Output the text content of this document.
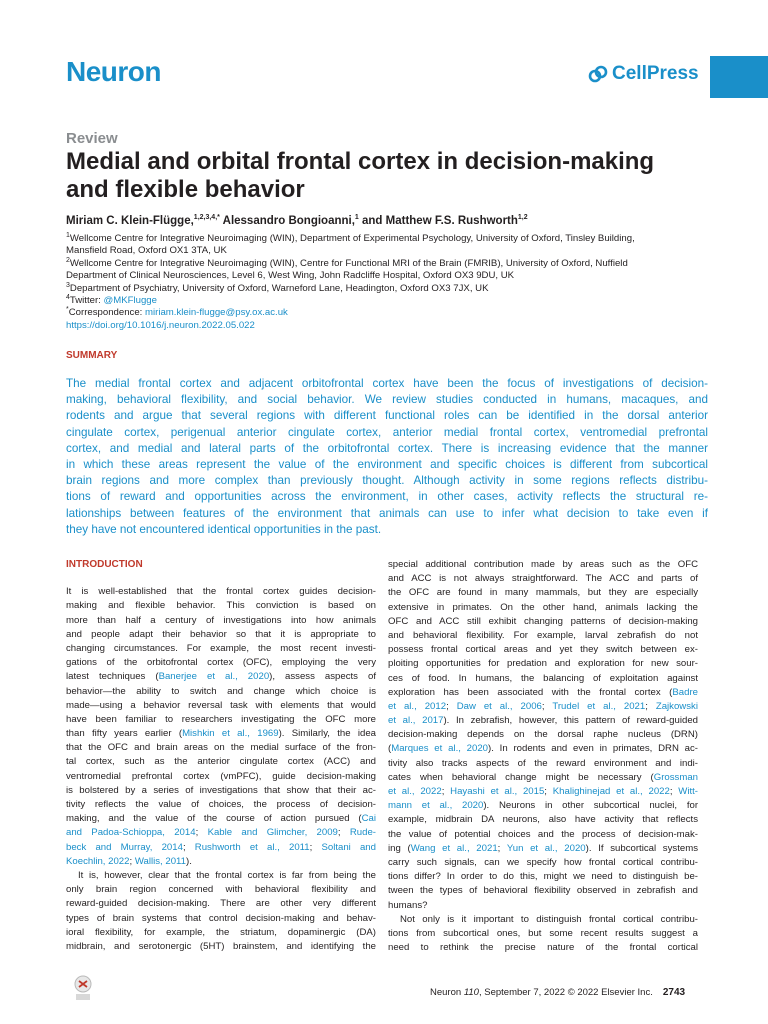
Neuron	CellPress
Review
Medial and orbital frontal cortex in decision-making and flexible behavior
Miriam C. Klein-Flügge,$^{1,2,3,4,*}$ Alessandro Bongioanni,$^1$ and Matthew F.S. Rushworth$^{1,2}$
$^1$Wellcome Centre for Integrative Neuroimaging (WIN), Department of Experimental Psychology, University of Oxford, Tinsley Building,
Mansfield Road, Oxford OX1 3TA, UK
$^2$Wellcome Centre for Integrative Neuroimaging (WIN), Centre for Functional MRI of the Brain (FMRIB), University of Oxford, Nuffield
Department of Clinical Neurosciences, Level 6, West Wing, John Radcliffe Hospital, Oxford OX3 9DU, UK
$^3$Department of Psychiatry, University of Oxford, Warneford Lane, Headington, Oxford OX3 7JX, UK
$^4$Twitter: @MKFlugge
*Correspondence: miriam.klein-flugge@psy.ox.ac.uk
https://doi.org/10.1016/j.neuron.2022.05.022
SUMMARY

The medial frontal cortex and adjacent orbitofrontal cortex have been the focus of investigations of decision-
making, behavioral flexibility, and social behavior. We review studies conducted in humans, macaques, and
rodents and argue that several regions with different functional roles can be identified in the dorsal anterior
cingulate cortex, perigenual anterior cingulate cortex, anterior medial frontal cortex, ventromedial prefrontal
cortex, and medial and lateral parts of the orbitofrontal cortex. There is increasing evidence that the manner
in which these areas represent the value of the environment and specific choices is different from subcortical
brain regions and more complex than previously thought. Although activity in some regions reflects distribu-
tions of reward and opportunities across the environment, in other cases, activity reflects the structural re-
lationships between features of the environment that animals can use to infer what decision to take even if
they have not encountered identical opportunities in the past.

INTRODUCTION
It is well-established that the frontal cortex guides decision-
making and flexible behavior. This conviction is based on
more than half a century of investigations into how animals
and people adapt their behavior so that it is appropriate to
changing circumstances. For example, the most recent investi-
gations of the orbitofrontal cortex (OFC), employing the very
latest techniques (Banerjee et al., 2020), assess aspects of
behavior—the ability to switch and change which choice is
made—using a behavior reversal task with elements that would
have been familiar to researchers investigating the OFC more
than fifty years earlier (Mishkin et al., 1969). Similarly, the idea
that the OFC and brain areas on the medial surface of the fron-
tal cortex, such as the anterior cingulate cortex (ACC) and
ventromedial prefrontal cortex (vmPFC), guide decision-making
is bolstered by a series of investigations that show that their ac-
tivity reflects the value of choices, the process of decision-
making, and the value of the course of action pursued (Cai
and Padoa-Schioppa, 2014; Kable and Glimcher, 2009; Rude-
beck and Murray, 2014; Rushworth et al., 2011; Soltani and
Koechlin, 2022; Wallis, 2011).
It is, however, clear that the frontal cortex is far from being the
only brain region concerned with behavioral flexibility and
reward-guided decision-making. There are other very different
types of brain systems that control decision-making and behav-
ioral flexibility, for example, the striatum, dopaminergic (DA)
midbrain, and serotonergic (5HT) brainstem, and identifying the
special additional contribution made by areas such as the OFC
and ACC is not always straightforward. The ACC and parts of
the OFC are found in many mammals, but they are especially
extensive in primates. On the other hand, animals lacking the
OFC and ACC still exhibit changing patterns of decision-making
and behavioral flexibility. For example, larval zebrafish do not
possess frontal cortical areas and yet they switch between ex-
ploiting opportunities for predation and exploration for new sour-
ces of food. In humans, the balancing of exploitation against
exploration has been associated with the frontal cortex (Badre
et al., 2012; Daw et al., 2006; Trudel et al., 2021; Zajkowski
et al., 2017). In zebrafish, however, this pattern of reward-guided
decision-making depends on the dorsal raphe nucleus (DRN)
(Marques et al., 2020). In rodents and even in primates, DRN ac-
tivity also tracks aspects of the reward environment and indi-
cates when behavioral change might be necessary (Grossman
et al., 2022; Hayashi et al., 2015; Khalighinejad et al., 2022; Witt-
mann et al., 2020). Neurons in other subcortical nuclei, for
example, midbrain DA neurons, also have activity that reflects
the value of potential choices and the process of decision-mak-
ing (Wang et al., 2021; Yun et al., 2020). If subcortical systems
carry such signals, can we specify how frontal cortical contribu-
tions differ? In order to do this, might we need to distinguish be-
tween the types of behavioral flexibility observed in zebrafish and
humans?
Not only is it important to distinguish frontal cortical contribu-
tions from subcortical ones, but some recent results suggest a
need to rethink the precise nature of the frontal cortical
Neuron 110, September 7, 2022 © 2022 Elsevier Inc. 2743
